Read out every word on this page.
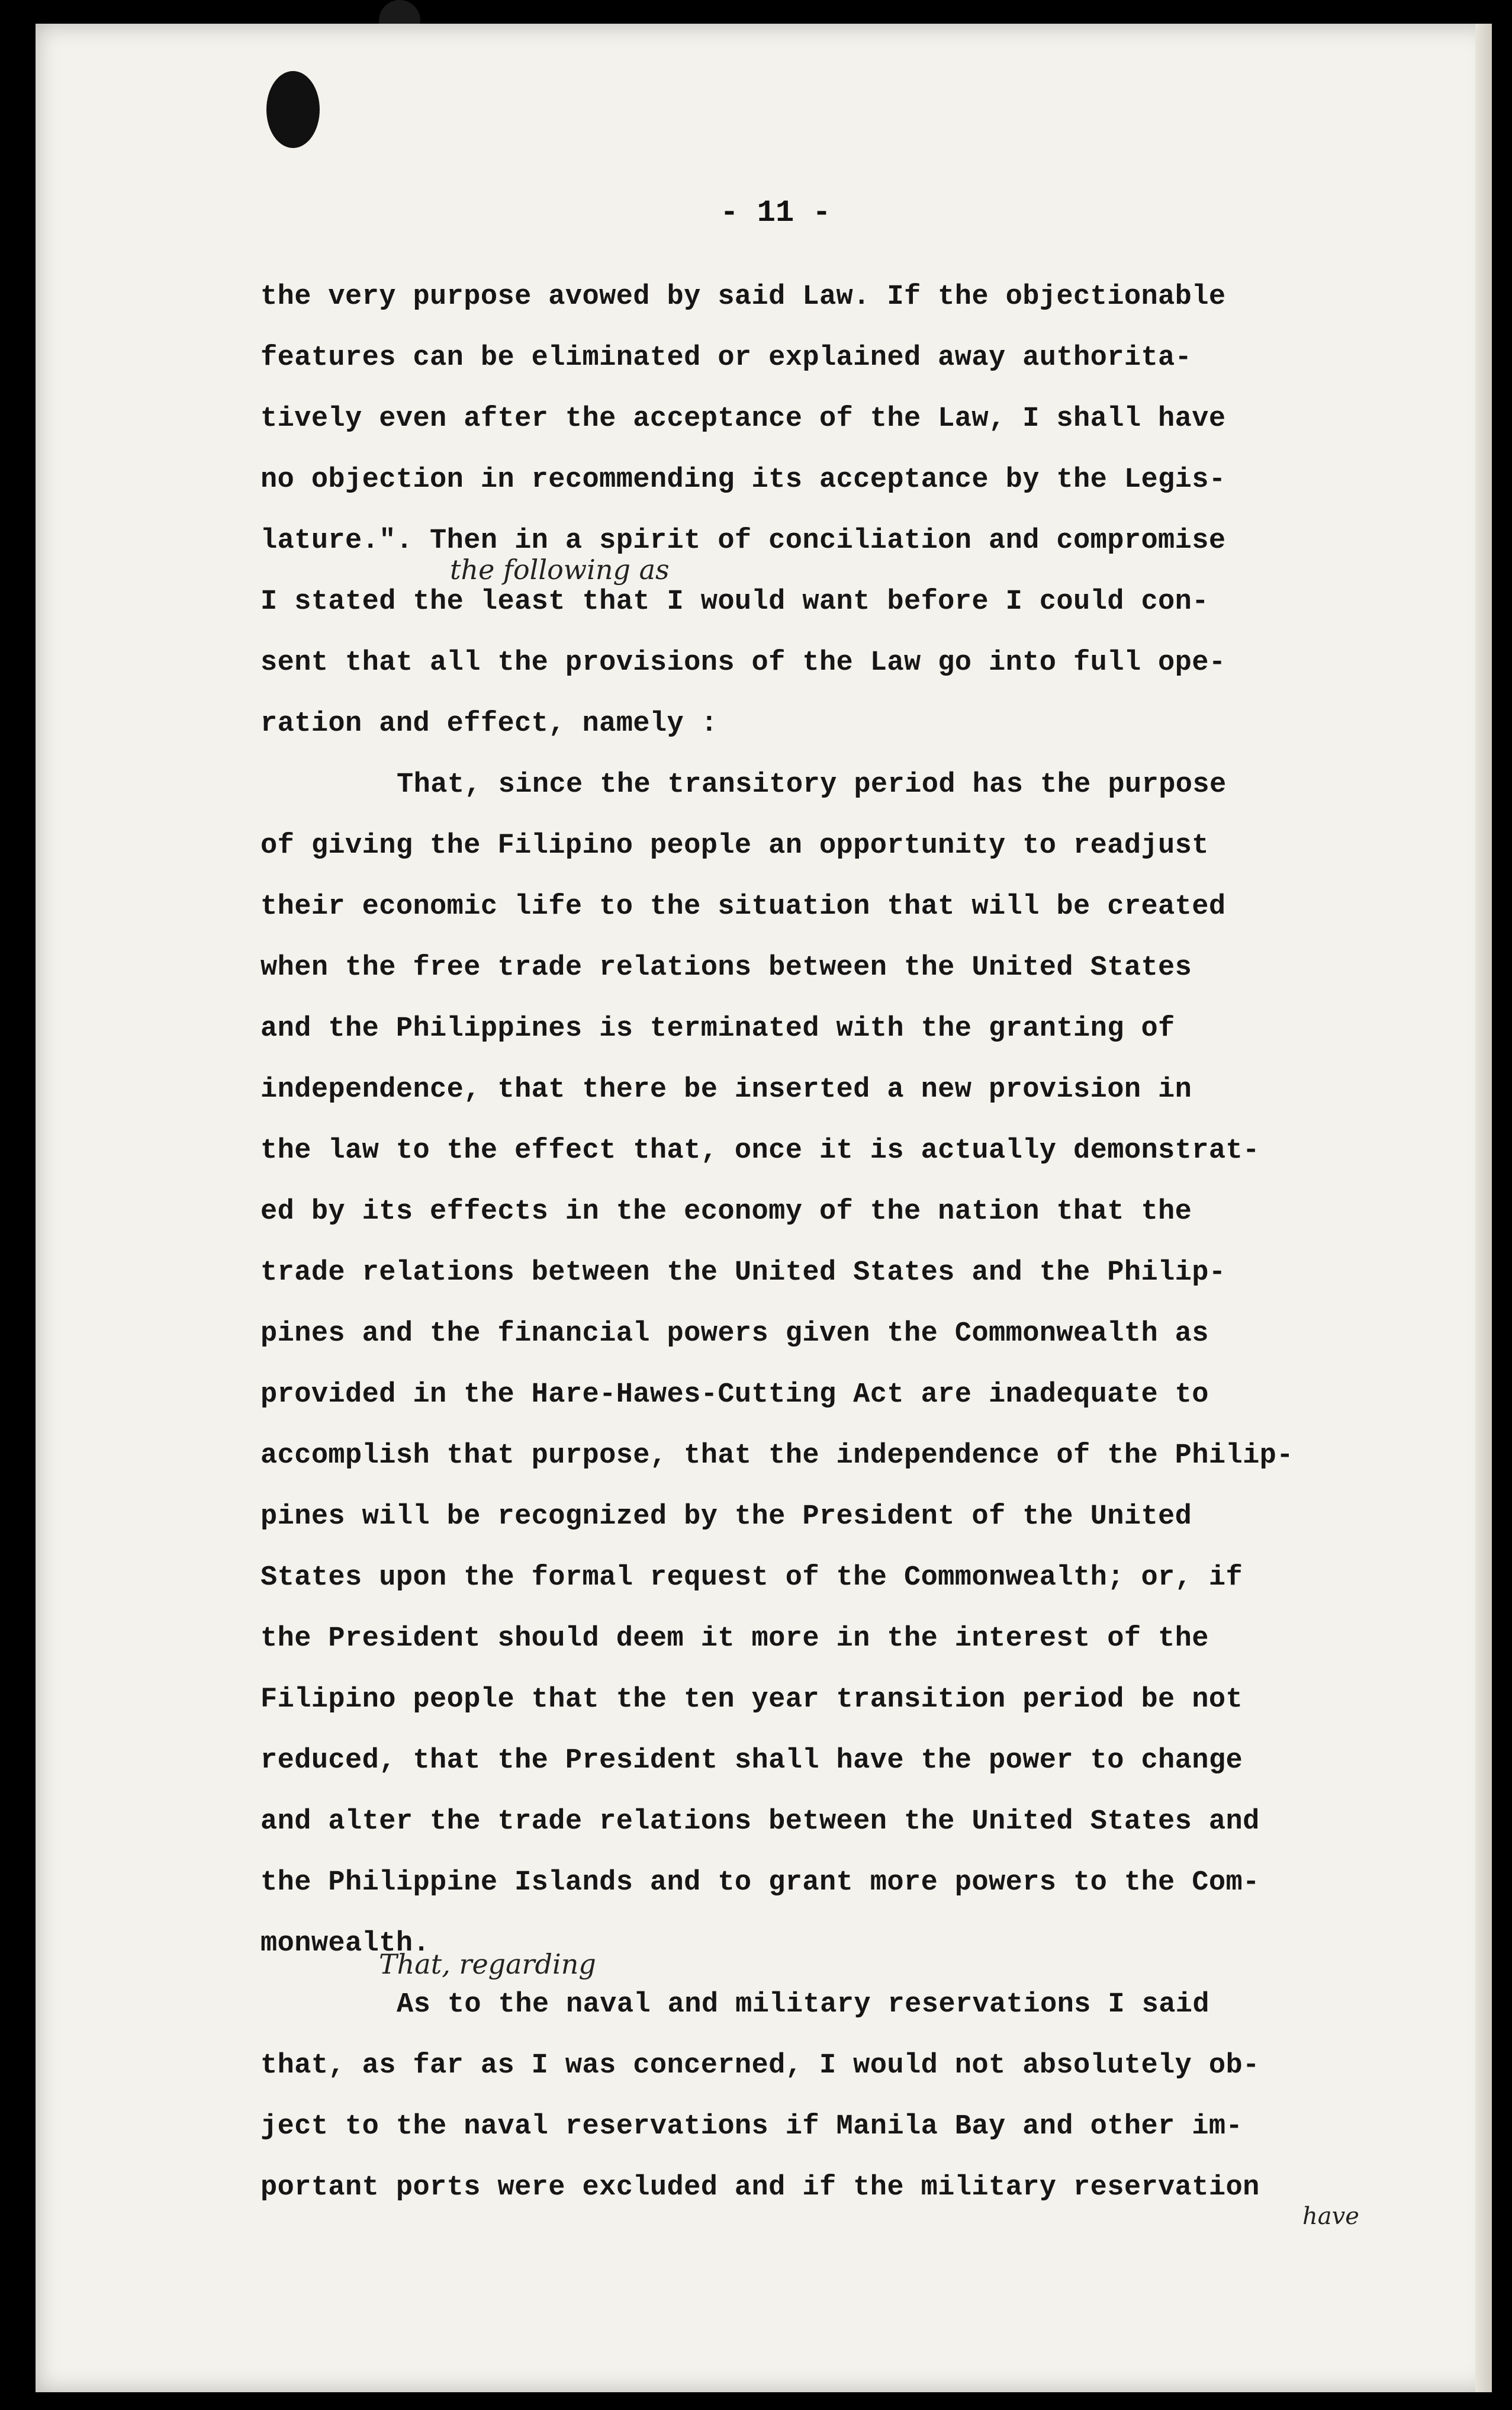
- 11 -
the very purpose avowed by said Law. If the objectionable
features can be eliminated or explained away authorita-
tively even after the acceptance of the Law, I shall have
no objection in recommending its acceptance by the Legis-
lature.". Then in a spirit of conciliation and compromise
I stated the least that I would want before I could con-
sent that all the provisions of the Law go into full ope-
ration and effect, namely :
That, since the transitory period has the purpose
of giving the Filipino people an opportunity to readjust
their economic life to the situation that will be created
when the free trade relations between the United States
and the Philippines is terminated with the granting of
independence, that there be inserted a new provision in
the law to the effect that, once it is actually demonstrat-
ed by its effects in the economy of the nation that the
trade relations between the United States and the Philip-
pines and the financial powers given the Commonwealth as
provided in the Hare-Hawes-Cutting Act are inadequate to
accomplish that purpose, that the independence of the Philip-
pines will be recognized by the President of the United
States upon the formal request of the Commonwealth; or, if
the President should deem it more in the interest of the
Filipino people that the ten year transition period be not
reduced, that the President shall have the power to change
and alter the trade relations between the United States and
the Philippine Islands and to grant more powers to the Com-
monwealth.
As to the naval and military reservations I said
that, as far as I was concerned, I would not absolutely ob-
ject to the naval reservations if Manila Bay and other im-
portant ports were excluded and if the military reservation
the following as
That, regarding
have
